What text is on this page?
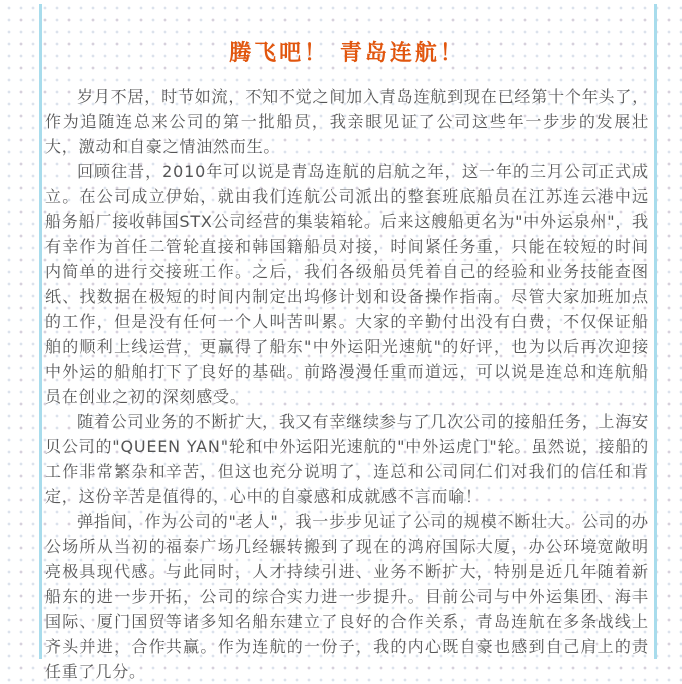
腾飞吧！ 青岛连航！

岁月不居，时节如流，不知不觉之间加入青岛连航到现在已经第十个年头了，作为追随连总来公司的第一批船员，我亲眼见证了公司这些年一步步的发展壮大，激动和自豪之情油然而生。

回顾往昔，2010年可以说是青岛连航的启航之年，这一年的三月公司正式成立。在公司成立伊始，就由我们连航公司派出的整套班底船员在江苏连云港中远船务船厂接收韩国STX公司经营的集装箱轮。后来这艘船更名为"中外运泉州"，我有幸作为首任二管轮直接和韩国籍船员对接，时间紧任务重，只能在较短的时间内简单的进行交接班工作。之后，我们各级船员凭着自己的经验和业务技能查图纸、找数据在极短的时间内制定出坞修计划和设备操作指南。尽管大家加班加点的工作，但是没有任何一个人叫苦叫累。大家的辛勤付出没有白费，不仅保证船舶的顺利上线运营，更赢得了船东"中外运阳光速航"的好评，也为以后再次迎接中外运的船舶打下了良好的基础。前路漫漫任重而道远，可以说是连总和连航船员在创业之初的深刻感受。

随着公司业务的不断扩大，我又有幸继续参与了几次公司的接船任务，上海安贝公司的"QUEEN YAN"轮和中外运阳光速航的"中外运虎门"轮。虽然说，接船的工作非常繁杂和辛苦，但这也充分说明了，连总和公司同仁们对我们的信任和肯定，这份辛苦是值得的，心中的自豪感和成就感不言而喻！

弹指间，作为公司的"老人"，我一步步见证了公司的规模不断壮大。公司的办公场所从当初的福泰广场几经辗转搬到了现在的鸿府国际大厦，办公环境宽敞明亮极具现代感。与此同时，人才持续引进、业务不断扩大，特别是近几年随着新船东的进一步开拓，公司的综合实力进一步提升。目前公司与中外运集团、海丰国际、厦门国贸等诸多知名船东建立了良好的合作关系，青岛连航在多条战线上齐头并进，合作共赢。作为连航的一份子，我的内心既自豪也感到自己肩上的责任重了几分。
